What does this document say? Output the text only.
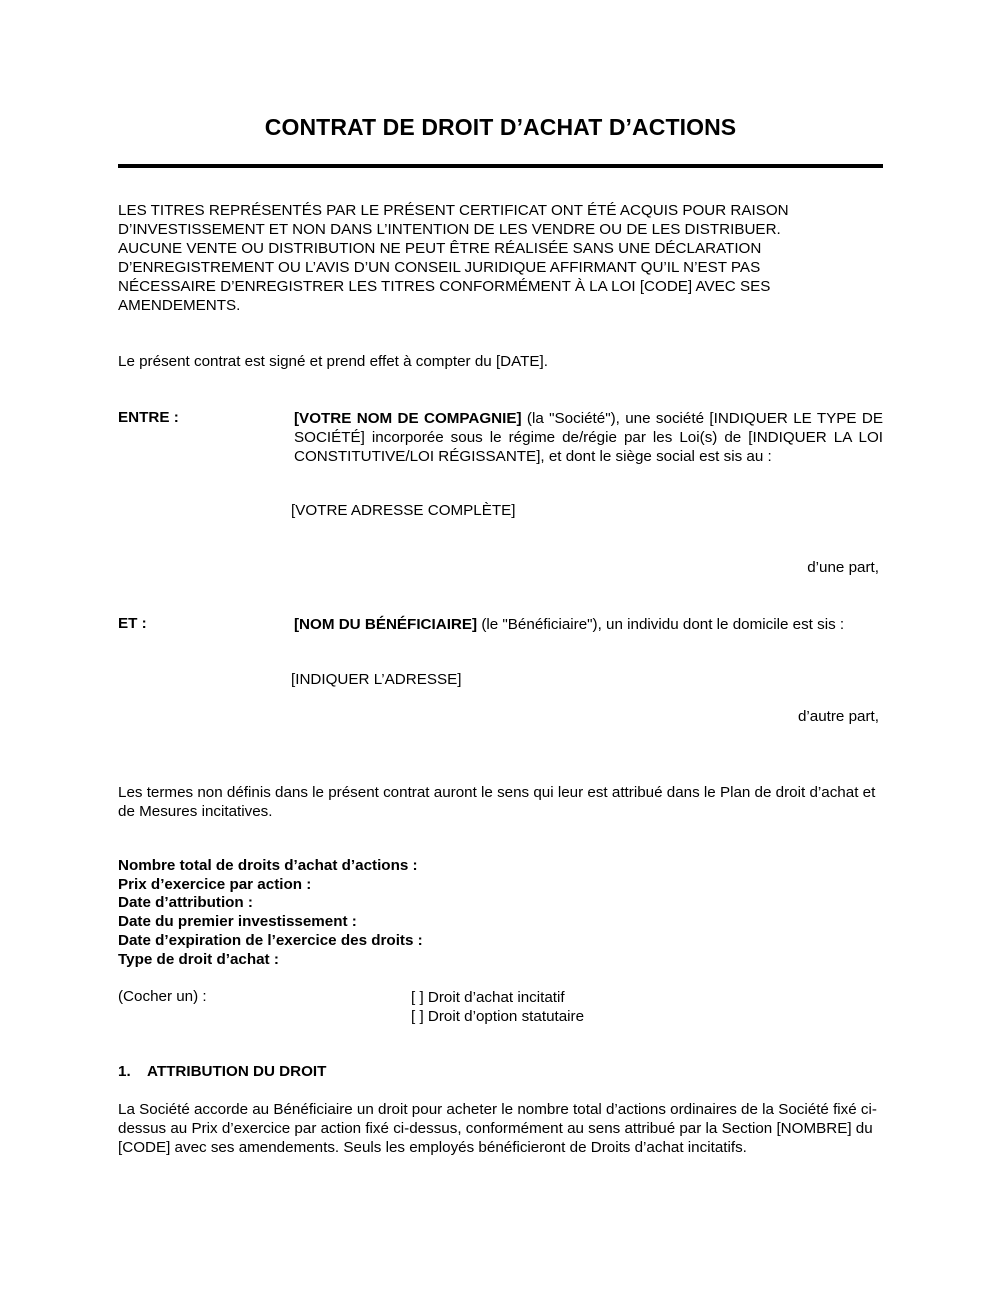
CONTRAT DE DROIT D’ACHAT D’ACTIONS
LES TITRES REPRÉSENTÉS PAR LE PRÉSENT CERTIFICAT ONT ÉTÉ ACQUIS POUR RAISON
D’INVESTISSEMENT ET NON DANS L’INTENTION DE LES VENDRE OU DE LES DISTRIBUER.
AUCUNE VENTE OU DISTRIBUTION NE PEUT ÊTRE RÉALISÉE SANS UNE DÉCLARATION
D’ENREGISTREMENT OU L’AVIS D’UN CONSEIL JURIDIQUE AFFIRMANT QU’IL N’EST PAS
NÉCESSAIRE D’ENREGISTRER LES TITRES CONFORMÉMENT À LA LOI [CODE] AVEC SES
AMENDEMENTS.
Le présent contrat est signé et prend effet à compter du [DATE].
ENTRE :	[VOTRE NOM DE COMPAGNIE] (la "Société"), une société [INDIQUER LE TYPE DE SOCIÉTÉ] incorporée sous le régime de/régie par les Loi(s) de [INDIQUER LA LOI CONSTITUTIVE/LOI RÉGISSANTE], et dont le siège social est sis au :
[VOTRE ADRESSE COMPLÈTE]
d’une part,
ET :	[NOM DU BÉNÉFICIAIRE] (le "Bénéficiaire"), un individu dont le domicile est sis :
[INDIQUER L’ADRESSE]
d’autre part,
Les termes non définis dans le présent contrat auront le sens qui leur est attribué dans le Plan de droit d’achat et de Mesures incitatives.
Nombre total de droits d’achat d’actions :
Prix d’exercice par action :
Date d’attribution :
Date du premier investissement :
Date d’expiration de l’exercice des droits :
Type de droit d’achat :
(Cocher un) :	[ ] Droit d’achat incitatif
[ ] Droit d’option statutaire
1. ATTRIBUTION DU DROIT
La Société accorde au Bénéficiaire un droit pour acheter le nombre total d’actions ordinaires de la Société fixé ci-dessus au Prix d’exercice par action fixé ci-dessus, conformément au sens attribué par la Section [NOMBRE] du [CODE] avec ses amendements. Seuls les employés bénéficieront de Droits d’achat incitatifs.
